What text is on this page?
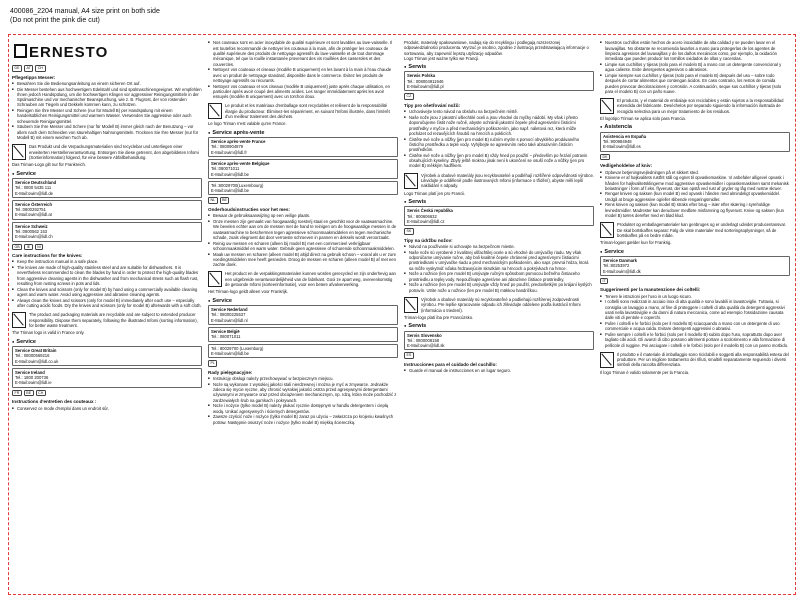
400086_2204 manual, A4 size print on both side
(Do not print the pink die cut)
ERNESTO
DE	AT	CH
Pflegetipps Messer:
■ Bewahren Sie die Bedienungsanleitung an einem sicheren Ort auf.
■ Die Messer bestehen aus hochwertigem Edelstahl und sind spülmaschinengeeignet. Wir empfehlen Ihnen jedoch Handspülung, um die hochwertigen Klingen vor aggressiver Reinigungsmitteln in der Spülmaschine und vor mechanischer Beanspruchung, wie z. B. Flugrost, der von rostenden Schrauben am Tiegeln und Dekkeln kommen kann, zu schützen.
■ Reinigen Sie Ihre Messer und Schere (nur für Modell B) per Handspülung mit einem handelsüblichen Reinigungsmittel und warmem Wasser. Verwenden Sie aggressive oder auch scheuernde Reinigungsmittel.
■ Säubern Sie Ihre Messer und Schere (nur für Modell B) immer gleich nach der Benutzung – vor allem nach dem Schneiden von säurehaltigen Nahrungsmitteln. Trocknen Sie Ihre Messer (nur für Modell B) mit einem weichen Tuch ab.
Das Produkt und die Verpackungsmaterialien sind recyclebar und unterliegen einer erweiterten Herstellerverantwortung. Entsorgen Sie diese getrennt, den abgebildeten Infomi (Sortierinformation) folgend, für eine bessere Abfallbehandlung.
Das Triman-Logo gilt nur für Frankreich.
● Service
Service Deutschland
Tel.: 0800 5435 111
E-Mail:owim@lidl.de
Service Österreich
Tel.:0800292751
E-Mail:owim@lidl.at
Service Schweiz
Tel.:0800562 153
E-Mail:owim@lidl.ch
GB	IE	NI
Care instructions for the knives:
■ Keep the instruction manual in a safe place.
■ The knives are made of high-quality stainless steel and are suitable for dishwashers. It is nevertheless recommended to clean the blades by hand in order to protect the high-quality blades from aggressive cleaning agents in the dishwasher and from mechanical stress such as flash rust, resulting from rusting screws in pots and lids.
■ Clean the knives and scissors (only for model B) by hand using a commercially available cleaning agent and warm water. Avoid using aggressive and abrasive cleaning agents.
■ Always clean the knives and scissors (only for model B) immediately after each use – especially after cutting acidic foods. Dry the knives and scissors (only for model B) afterwards with a soft cloth.
The product and packaging materials are recyclable and are subject to extended producer responsibility. Dispose them separately, following the illustrated Infomi (sorting information), for better waste treatment.
The Triman logo is valid in France only.
● Service
Service Great Britain
Tel.: 08000569216
E-Mail:owim@lidl.co.uk
Service Ireland
Tel.: 1800 200736
E-Mail:owim@lidl.ie
FR	BE	CH
Instructions d'entretien des couteaux :
■ Conservez ce mode d'emploi dans un endroit sûr.
■ Nos couteaux sont en acier inoxydable de qualité supérieure et sont lavables au lave-vaisselle. Il est toutefois recommandé de nettoyer les couteaux à la main, afin de protéger les couteaux de qualité supérieure des produits de nettoyage agressifs du lave-vaisselle et de tout dommage mécanique, tel que la rouille instantanée provenant des vis rouillées des casseroles et des couvercles.
■ Nettoyez vos couteaux et ciseaux (modèle B uniquement) en les lavant à la main à l'eau chaude avec un produit de nettoyage standard, disponible dans le commerce. Évitez les produits de nettoyage agressifs ou récurants.
■ Nettoyez vos couteaux et vos ciseaux (modèle B uniquement) juste après chaque utilisation, en particulier après avoir coupé des aliments acides. Les ranger immédiatement après les avoir essuyés (modèle B uniquement) avec un torchon doux.
Le produit et les matériaux d'emballage sont recyclables et relèvent de la responsabilité élargie du producteur. Éliminez-les séparément, en suivant l'Infomi illustrée, dans l'intérêt d'un meilleur traitement des déchets.
Le logo Triman n'est valable qu'en France.
● Service après-vente
Service après-vente France
Tel.: 0800904879
E-Mail:owim@lidl.fr
Service après-vente Belgique
Tel.:080071011
E-Mail:owim@lidl.be
Tel.:80029700(Luxembourg)
E-Mail:owim@lidl.be
NL	BE
Onderhoudsinstructies voor het mes:
■ Bewaar de gebruiksaanwijzing op een veilige plaats.
■ Onze messen zijn gemaakt van hoogwaardig roestvrij staal en geschikt voor de vaatwasmachine. We bevelen echter aan om de messen met de hand te reinigen om de hoogwaardige messen in de vaatwasmachine te beschermen tegen agressieve schoonmaakmiddelen en tegen mechanische schade, zoals vliegroest dat door verroeste schroeven in pannen en deksels wordt veroorzaakt.
■ Reinig uw messen en scharen (alleen bij model B) met een commercieel verkrijgbaar schoonmaakmiddel en warm water. Gebruik geen agressieve of schurende schoonmaakmiddelen.
■ Maak uw messen en scharen (alleen model B) altijd direct na gebruik schoon – vooral als u er zure voedingsmiddelen mee heeft gesneden. Droog de messen en scharen (alleen model B) af met een zachte doek.
Het product en de verpakkingsmaterialen kunnen worden gerecycled en zijn onderhevig aan een uitgebreide verantwoordelijkheid van de fabrikant. Gooi ze apart weg, overeenkomstig de getoonde Infomi (sorteerinformatie), voor een betere afvalverwerking.
Het Triman-logo geldt alleen voor Frankrijk.
● Service
Service Nederland
Tel.: 08000225537
E-Mail:owim@lidl.nl
Service België
Tel.: 080071011
Tel.: 80029700 (Luxemburg)
E-Mail:owim@lidl.be
PL
Rady pielęgnacyjne:
■ Instrukcję obsługi należy przechowywać w bezpiecznym miejscu.
■ Noże są wykonane z wysokiej jakości stali nierdzewnej i można je myć w zmywarce. Jednakże zaleca się mycie ręczne, aby chronić wysokiej jakości ostrza przed agresywnymi detergentami używanymi w zmywarce oraz przed obciążeniem mechanicznym, np. rdzą, która może pochodzić z zardzewiałych śrub na garnkach i pokrywach.
■ Noże i nożyce (tylko model B) należy płukać ręcznie dostępnym w handlu detergentem i ciepłą wodą. Unikać agresywnych i ściernych detergentów.
■ Zawsze czyścić noże i nożyce (tylko model B) zaraz po użyciu – zwłaszcza po krojeniu kwaśnych potraw. Następnie osuszyć noże i nożyce (tylko model B) miękką ściereczką.
Produkt, materiały opakowaniowe, nadają się do recyklingu i podlegają rozszerzonej odpowiedzialności producenta. Wyrzuć je osobno, zgodnie z ilustracją przedstawiającą informacje o sortowaniu, aby zapewnić lepszą utylizację odpadów.
Logo Triman jest ważne tylko we Francji.
● Serwis
Serwis Polska
Tel.: 008004911946
E-Mail:owim@lidl.pl
CZ
Tipy pro ošetřování nožů:
■ Uchovávejte tento návod na obsluhu na bezpečném místě.
■ Naše nože jsou z jakostní ušlechtilé oceli a jsou vhodné do myčky nádobí. My však i přesto doporučujeme čistit nože ručně, abyste ochránili jakostní čepele před agresivními čisticími prostředky v myčce a před mechanickým poškozením, jako např. náletová rez, která může pocházet od rezavějících šroubů na hrncích a poklicích.
■ Čistěte své nože a nůžky (jen pro model B) ručním mytím s pomocí obvyklého prodávaného čisticího prostředku a teplé vody. Vyhýbejte se agresivním nebo také abrazivním čisticím prostředkům.
■ Čistěte své nože a nůžky (jen pro model B) vždy hned po použití – především po řezání potravin obsahujících kyseliny. Zbylý ještě mokrou jinak není k ukončení se osuší nože a nůžky (jen pro model B) měkkým hadříkem.
Výrobek a obalové materiály jsou recyklovatelné a podléhají rozšířené odpovědnosti výrobce. Likvidujte je odděleně podle ilustrovaných Infomi (informace o třídění), abyste měli lepší nakládání s odpady.
Logo Triman platí jen pro Francii.
● Serwis
Servis Česká republika
Tel.: 800606632
E-Mail:owim@lidl.cz
SK
Tipy na údržbu nožov:
■ Návod na používanie si uchovajte na bezpečnom mieste.
■ Naše nože sú vyrobené z kvalitnej ušľachtilej ocele a sú vhodné do umývačky riadu. My však odporúčame umývanie ručne, aby boli kvalitné čepele chránené pred agresívnymi čistiacimi prostriedkami v umývačke riadu a pred mechanickým poškodením, ako napr. prevná hrdza, ktorá sa môže vyskytnúť vďaka hrdzavejúcim skrutkám na hrncoch a pokrývkach na hrnce.
■ Nože a nožnice (len pre model B) umývajte ručným spôsobom pomocou bežného čistiaceho prostriedku a teplej vody. Nepoužívajte agresívne ani abrazívne čistiace prostriedky.
■ Nože a nožnice (len pre model B) umývajte vždy hneď po použití, predovšetkým po krájaní kyslých potravín. Utrite nože a nožnice (len pre model B) mäkkou handričkou.
Výrobok a obalové materiály sú recyklovateľné a podliehajú rozšírenej zodpovednosti výrobcu. Pre lepšie spracovanie odpadu ich zlikvidujte oddelene podľa ilustrácií Infomi (informácia o triedení).
Triman-logo platí iba pre Francúzsko.
● Serwis
Servis Slovensko
Tel.: 0800008158
E-Mail:owim@lidl.sk
ES
Instrucciones para el cuidado del cuchillo:
■ Guarde el manual de instrucciones en un lugar seguro.
■ Nuestros cuchillos están hechos de acero inoxidable de alta calidad y se pueden lavar en el lavavajillas. No obstante se recomienda lavarlos a mano para protegerlas de los agentes de limpieza agresivos del lavavajillas y de los daños mecánicos como, por ejemplo, la oxidación inmediata que pueden producir los tornillos oxidados de ollas y cacerolas.
■ Limpie sus cuchillos y tijeras (solo para el modelo B) a mano con un detergente convencional y agua caliente. Evite detergentes agresivos o abrasivos.
■ Limpie siempre sus cuchillos y tijeras (solo para el modelo B) después del uso – sobre todo después de cortar alimentos que contengan ácidos. En caso contrario, los restos de comida pueden provocar decoloraciones y corrosión. A continuación, seque sus cuchillos y tijeras (solo para el modelo B) con un paño suave.
El producto, y el material de embalaje son reciclables y están sujetos a la responsabilidad extendida del fabricante. Deséchelos por separado siguiendo la información ilustrada de recogida selectiva para un mejor tratamiento de los residuos.
El logotipo Triman se aplica solo para Francia.
● Asistencia
Asistencia en España
Tel.:900984948
E-Mail:owim@lidl.es
DK
Vedligeholdelse af kniv:
■ Opbevar betjeningsvejledningen på et sikkert sted.
■ Knivene er af højkvalitets rustfrit stål og egnet til opvaskemaskine. Vi anbefaler alligevel opvask i hånden for højkvalitetsklingerne mod aggressive opvaskemidler i opvaskemaskinen samt mekanisk belastninger i form af f.eks. flyverust, der kan opstå ved rust af gryder og låg med rustne skruer.
■ Rengør kniven og saksen (kun model B) ved opvask i hånden med almindeligt opvaskemiddel. Undgå at bruge aggressive og/eller slibende rengøringsmidler.
■ Rens kniven og saksen (kun model B) straks efter brug – især efter skæring i syreholdige levnedsmidler. Madrester kan derudover medføre misfarvning og flyverust. Knive og saksen (kun model B) tørres derefter med en blød klud.
Produktet og emballagematerialer kan genbruges og er underlagt udvidet producentansvar. De skal bortskaffes separat: Følg de viste materialer med sorteringsoplysninger, så de bortskaffes på en bedre måde.
Triman-logoet gælder kun for Frankrig.
● Service
Service Danmark
Tel.:80253972
E-Mail:owim@lidl.dk
IT
Suggerimenti per la manutenzione dei coltelli:
■ Tenere le istruzioni per l'uso in un luogo sicuro.
■ I coltelli sono realizzati in acciaio inox di alta qualità e sono lavabili in lavastoviglie. Tuttavia, si consiglia un lavaggio a mano, al fine di proteggere i coltelli di alta qualità da detergenti aggressivi usati nella lavastoviglie e da danni di natura meccanica, come ad esempio l'ossidazione causata dalle viti di pentole e coperchi.
■ Pulire i coltelli e le forbici (solo per il modello B) sciacquando a mano con un detergente di uso commerciale e acqua calda. Evitare detergenti aggressivi o abrasivi.
■ Pulire sempre i coltelli e le forbici (solo per il modello B) subito dopo l'uso, soprattutto dopo aver tagliato cibi acidi. Gli avanzi di cibo possono altrimenti portare a scolorimento e alla formazione di pellicole di ruggine. Poi asciugare i coltelli e le forbici (solo per il modello B) con un panno morbido.
Il prodotto e il materiale di imballaggio sono riciclabili e soggetti alla responsabilità estesa del produttore. Per un migliore trattamento dei rifiuti, smaltirli separatamente seguendo i diversi simboli della raccolta differenziata.
Il logo Triman è valido solamente per la Francia.
